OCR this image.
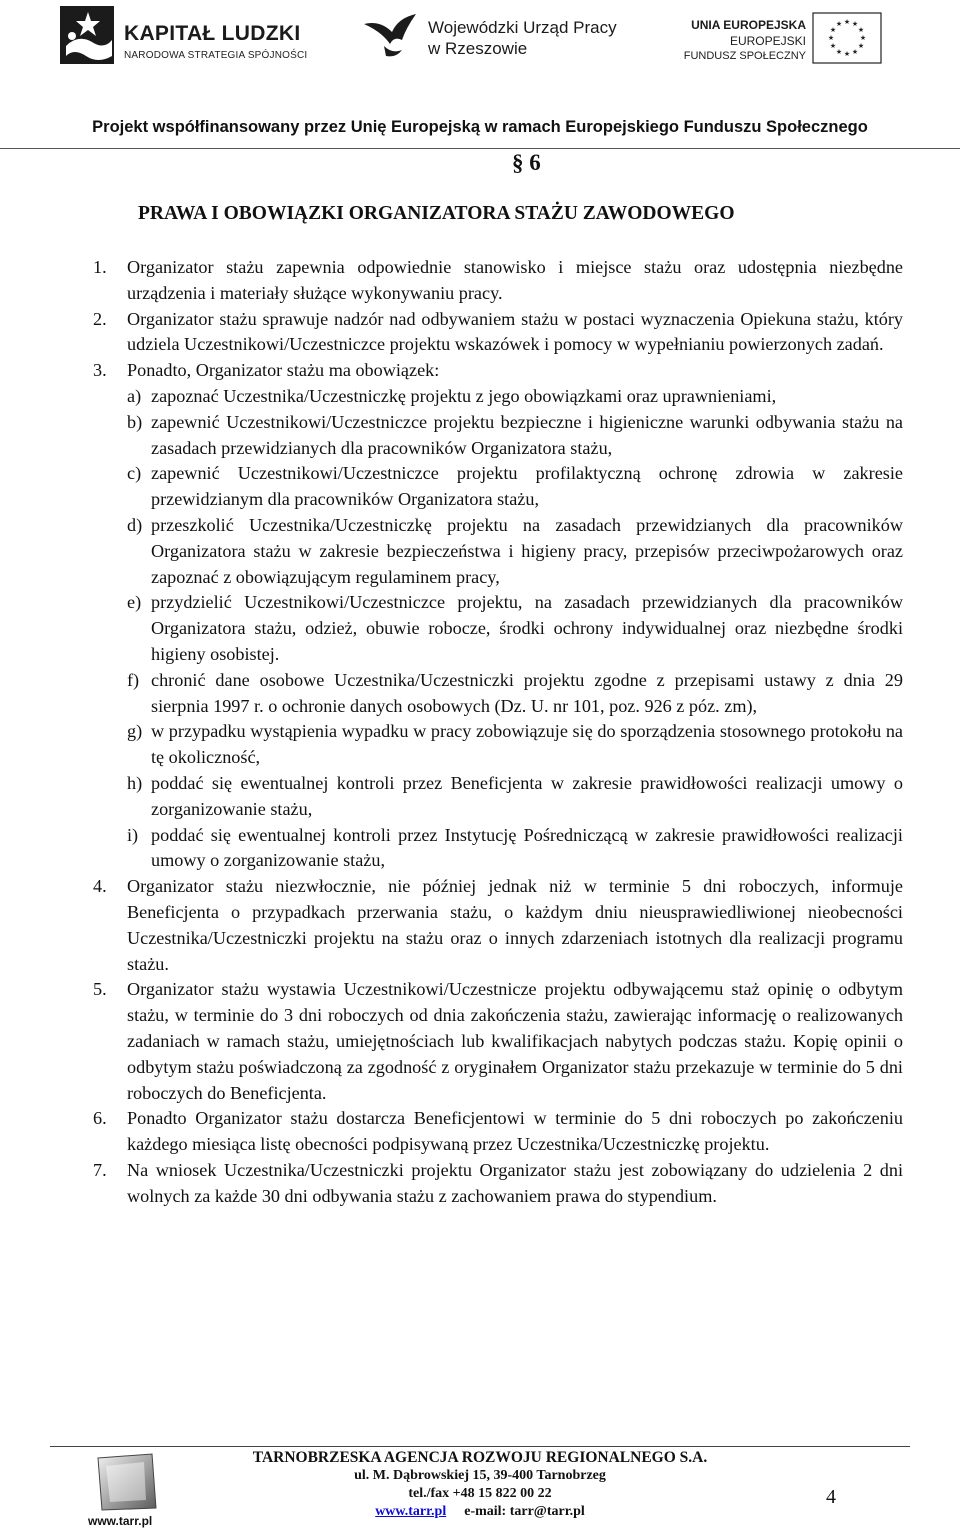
KAPITAŁ LUDZKI
NARODOWA STRATEGIA SPÓJNOŚCI
Wojewódzki Urząd Pracy
w Rzeszowie
UNIA EUROPEJSKA
EUROPEJSKI
FUNDUSZ SPOŁECZNY
★ ★
★
★
★
★
★
★
★
★
★
★
Projekt współfinansowany przez Unię Europejską w ramach Europejskiego Funduszu Społecznego
§ 6
PRAWA I OBOWIĄZKI ORGANIZATORA STAŻU ZAWODOWEGO

1. Organizator stażu zapewnia odpowiednie stanowisko i miejsce stażu oraz udostępnia niezbędne urządzenia i materiały służące wykonywaniu pracy.

2. Organizator stażu sprawuje nadzór nad odbywaniem stażu w postaci wyznaczenia Opiekuna stażu, który udziela Uczestnikowi/Uczestniczce projektu wskazówek i pomocy w wypełnianiu powierzonych zadań.

3. Ponadto, Organizator stażu ma obowiązek:

a) zapoznać Uczestnika/Uczestniczkę projektu z jego obowiązkami oraz uprawnieniami,

b) zapewnić Uczestnikowi/Uczestniczce projektu bezpieczne i higieniczne warunki odbywania stażu na zasadach przewidzianych dla pracowników Organizatora stażu,

c) zapewnić Uczestnikowi/Uczestniczce projektu profilaktyczną ochronę zdrowia w zakresie przewidzianym dla pracowników Organizatora stażu,

d) przeszkolić Uczestnika/Uczestniczkę projektu na zasadach przewidzianych dla pracowników Organizatora stażu w zakresie bezpieczeństwa i higieny pracy, przepisów przeciwpożarowych oraz zapoznać z obowiązującym regulaminem pracy,

e) przydzielić Uczestnikowi/Uczestniczce projektu, na zasadach przewidzianych dla pracowników Organizatora stażu, odzież, obuwie robocze, środki ochrony indywidualnej oraz niezbędne środki higieny osobistej.

f) chronić dane osobowe Uczestnika/Uczestniczki projektu zgodne z przepisami ustawy z dnia 29 sierpnia 1997 r. o ochronie danych osobowych (Dz. U. nr 101, poz. 926 z póz. zm),

g) w przypadku wystąpienia wypadku w pracy zobowiązuje się do sporządzenia stosownego protokołu na tę okoliczność,

h) poddać się ewentualnej kontroli przez Beneficjenta w zakresie prawidłowości realizacji umowy o zorganizowanie stażu,

i) poddać się ewentualnej kontroli przez Instytucję Pośredniczącą w zakresie prawidłowości realizacji umowy o zorganizowanie stażu,

4. Organizator stażu niezwłocznie, nie później jednak niż w terminie 5 dni roboczych, informuje Beneficjenta o przypadkach przerwania stażu, o każdym dniu nieusprawiedliwionej nieobecności Uczestnika/Uczestniczki projektu na stażu oraz o innych zdarzeniach istotnych dla realizacji programu stażu.

5. Organizator stażu wystawia Uczestnikowi/Uczestnicze projektu odbywającemu staż opinię o odbytym stażu, w terminie do 3 dni roboczych od dnia zakończenia stażu, zawierając informację o realizowanych zadaniach w ramach stażu, umiejętnościach lub kwalifikacjach nabytych podczas stażu. Kopię opinii o odbytym stażu poświadczoną za zgodność z oryginałem Organizator stażu przekazuje w terminie do 5 dni roboczych do Beneficjenta.

6. Ponadto Organizator stażu dostarcza Beneficjentowi w terminie do 5 dni roboczych po zakończeniu każdego miesiąca listę obecności podpisywaną przez Uczestnika/Uczestniczkę projektu.

7. Na wniosek Uczestnika/Uczestniczki projektu Organizator stażu jest zobowiązany do udzielenia 2 dni wolnych za każde 30 dni odbywania stażu z zachowaniem prawa do stypendium.

www.tarr.pl
TARNOBRZESKA AGENCJA ROZWOJU REGIONALNEGO S.A.
ul. M. Dąbrowskiej 15, 39-400 Tarnobrzeg
tel./fax +48 15 822 00 22
www.tarr.pl e-mail: tarr@tarr.pl
4
